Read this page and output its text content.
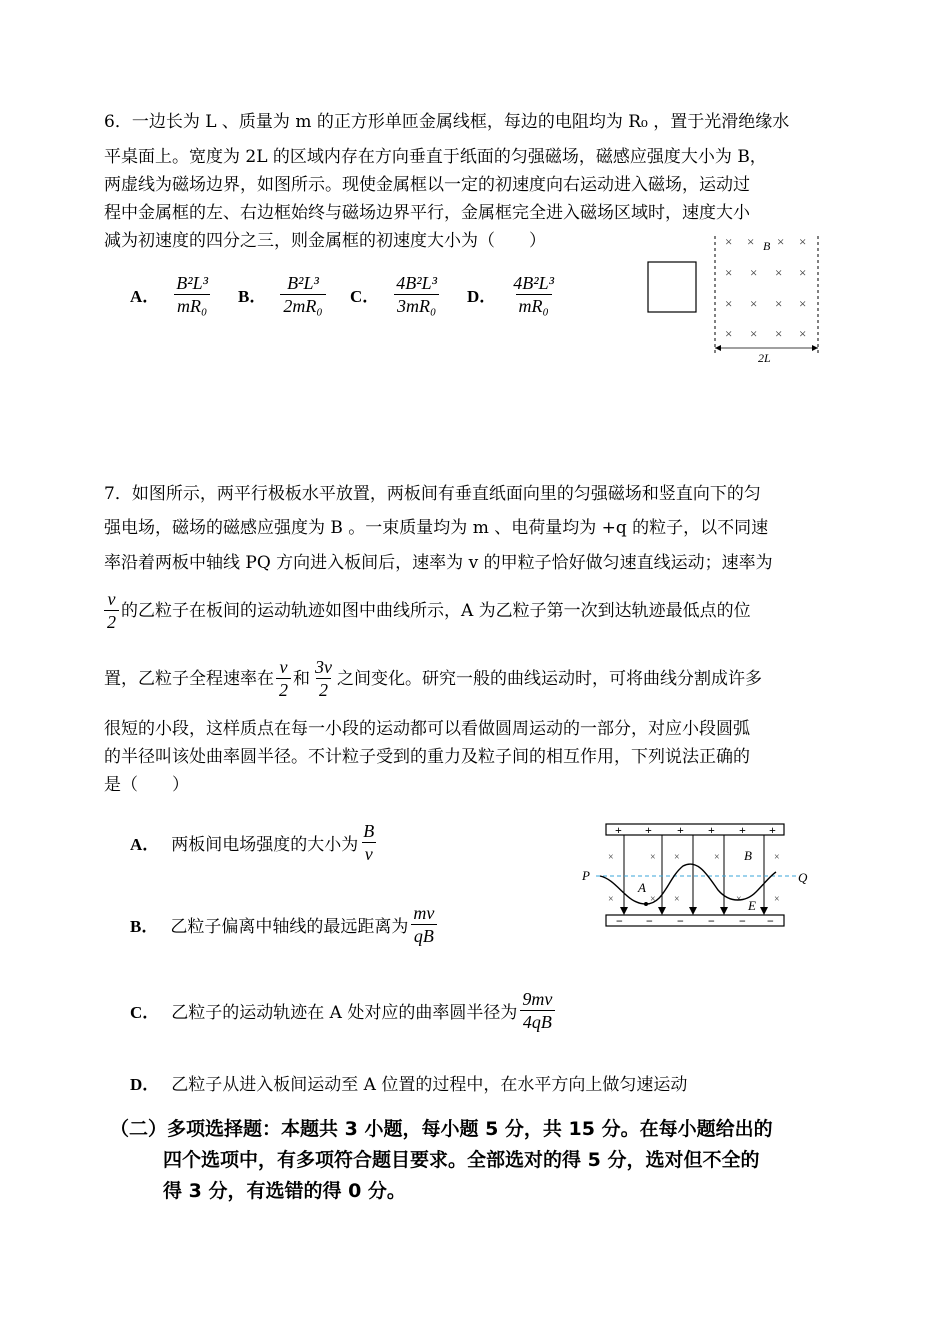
6．一边长为 L 、质量为 m 的正方形单匝金属线框，每边的电阻均为 R₀ ，置于光滑绝缘水
平桌面上。宽度为 2L 的区域内存在方向垂直于纸面的匀强磁场，磁感应强度大小为 B，
两虚线为磁场边界，如图所示。现使金属框以一定的初速度向右运动进入磁场，运动过
程中金属框的左、右边框始终与磁场边界平行，金属框完全进入磁场区域时，速度大小
减为初速度的四分之三，则金属框的初速度大小为（　　）
A． $\frac{\text{B²L³}}{\text{mR₀}}$ B． $\frac{\text{B²L³}}{\text{2mR₀}}$ C． $\frac{\text{4B²L³}}{\text{3mR₀}}$ D． $\frac{\text{4B²L³}}{\text{mR₀}}$
× × × ×
× × × ×
× × × ×
× × × ×
B
2L
7．如图所示，两平行极板水平放置，两板间有垂直纸面向里的匀强磁场和竖直向下的匀
强电场，磁场的磁感应强度为 B 。一束质量均为 m 、电荷量均为 +q 的粒子，以不同速
率沿着两板中轴线 PQ 方向进入板间后，速率为 v 的甲粒子恰好做匀速直线运动；速率为
$\frac{v}{2}$ 的乙粒子在板间的运动轨迹如图中曲线所示，A 为乙粒子第一次到达轨迹最低点的位
置，乙粒子全程速率在 $\frac{v}{2}$ 和 $\frac{3v}{2}$ 之间变化。研究一般的曲线运动时，可将曲线分割成许多
很短的小段，这样质点在每一小段的运动都可以看做圆周运动的一部分，对应小段圆弧
的半径叫该处曲率圆半径。不计粒子受到的重力及粒子间的相互作用，下列说法正确的
是（　　）
A． 两板间电场强度的大小为 $\frac{B}{v}$
B． 乙粒子偏离中轴线的最远距离为 $\frac{mv}{qB}$
C． 乙粒子的运动轨迹在 A 处对应的曲率圆半径为 $\frac{9mv}{4qB}$
D． 乙粒子从进入板间运动至 A 位置的过程中，在水平方向上做匀速运动
+ + + + + +
− − − − − −
×	×	×	×
×
×	× ×	×	×
P	Q
A
B
E
（二）多项选择题：本题共 3 小题，每小题 5 分，共 15 分。在每小题给出的
四个选项中，有多项符合题目要求。全部选对的得 5 分，选对但不全的
得 3 分，有选错的得 0 分。
